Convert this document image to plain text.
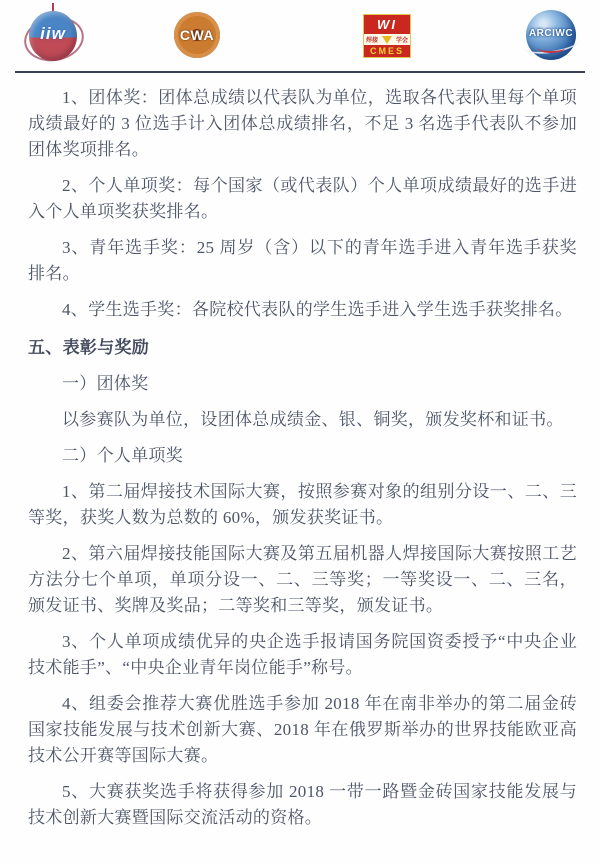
iiw	CWA
WI
焊接	学会
CMES
ARCIWC

1、团体奖：团体总成绩以代表队为单位，选取各代表队里每个单项成绩最好的 3 位选手计入团体总成绩排名，不足 3 名选手代表队不参加团体奖项排名。

2、个人单项奖：每个国家（或代表队）个人单项成绩最好的选手进入个人单项奖获奖排名。

3、青年选手奖：25 周岁（含）以下的青年选手进入青年选手获奖排名。

4、学生选手奖：各院校代表队的学生选手进入学生选手获奖排名。

五、表彰与奖励

一）团体奖

以参赛队为单位，设团体总成绩金、银、铜奖，颁发奖杯和证书。

二）个人单项奖

1、第二届焊接技术国际大赛，按照参赛对象的组别分设一、二、三等奖，获奖人数为总数的 60%，颁发获奖证书。

2、第六届焊接技能国际大赛及第五届机器人焊接国际大赛按照工艺方法分七个单项，单项分设一、二、三等奖；一等奖设一、二、三名，颁发证书、奖牌及奖品；二等奖和三等奖，颁发证书。

3、个人单项成绩优异的央企选手报请国务院国资委授予“中央企业技术能手”、“中央企业青年岗位能手”称号。

4、组委会推荐大赛优胜选手参加 2018 年在南非举办的第二届金砖国家技能发展与技术创新大赛、2018 年在俄罗斯举办的世界技能欧亚高技术公开赛等国际大赛。

5、大赛获奖选手将获得参加 2018 一带一路暨金砖国家技能发展与技术创新大赛暨国际交流活动的资格。
